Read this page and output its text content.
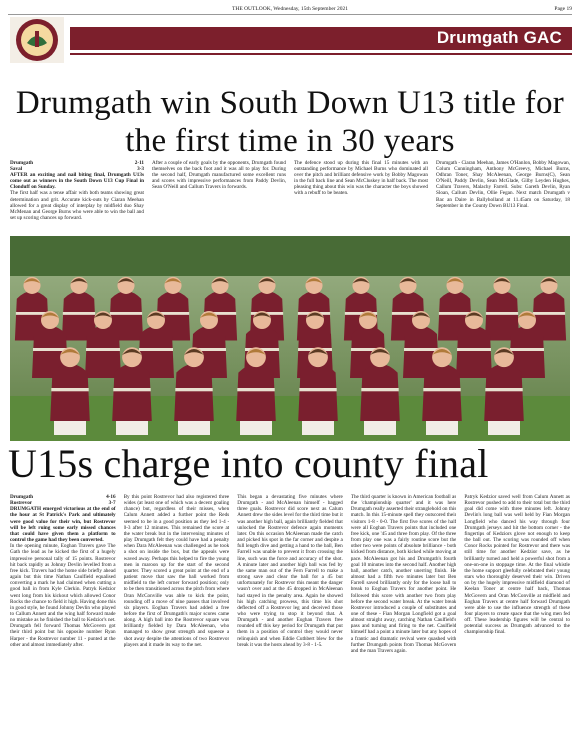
THE OUTLOOK, Wednesday, 15th September 2021	Page 19
Drumgath GAC
Drumgath win South Down U13 title for the first time in 30 years
Drumgath	2-11
Saval	3-3

AFTER an exciting and nail biting final, Drumgath U13s come out as winners in the South Down U13 Cup Final in Clonduff on Sunday.

The first half was a tense affair with both teams showing great determination and grit. Accurate kick-outs by Ciaran Meehan allowed for a great display of interplay by midfield duo Shay McMenan and George Burns who were able to win the ball and set up scoring chances up forward.

After a couple of early goals by the opponents, Drumgath found themselves on the back foot and it was all to play for. During the second half, Drumgath manufactured some excellent runs and scores with impressive performances from Paddy Devlin, Sean O'Neill and Callum Travers in forwards.

The defence stood up during this final 15 minutes with an outstanding performance by Michael Burns who dominated all over the pitch and brilliant defensive work by Bobby Magowan in the full back line and Sean McCluskey in half back. The most pleasing thing about this win was the character the boys showed with a rebuff to be beaten.

Drumgath - Ciaran Meehan, James O'Hanlon, Bobby Magowan, Colum Cunningham, Anthony McGreevy, Michael Burns, Odhran Toner, Shay McAleenan, George Burns(C), Sean O'Neill, Paddy Devlin, Sean McGlade, Gilby Leyden Hughes, Callum Travers, Malachy Farrell. Subs: Gareth Devlin, Ryan Sloan, Callum Devlin, Ollie Fegan. Next match Drumgath v Bac an Daire in Ballyholland at 11.45am on Saturday, 18 September in the County Down BU13 Final.

U15s charge into county final
Drumgath	4-16
Rostrevor	3-7

DRUMGATH emerged victorious at the end of the hour at St Patrick's Park and ultimately were good value for their win, but Rostrevor will be left ruing some early missed chances that could have given them a platform to control the game had they been converted.

In the opening minute, Eoghan Travers gave The Gath the lead as he kicked the first of a hugely impressive personal tally of 15 points. Rostrevor hit back rapidly as Johnny Devlin levelled from a free kick. Travers had the home side briefly ahead again but this time Nathan Caulfield equalised converting a mark he had claimed when cutting a good ball in from Kyle Clerkin. Patryk Kedzior went long from his kickout which allowed Conor Rocks the chance to field it high. Having done this in good style, he found Johnny Devlin who played to Callum Annett and the wing half forward made no mistake as he finished the ball to Kedzior's net. Drumgath fell forward Thomas McGovern got their third point but his opposite number Ryan Harper - the Rostrevor number 11 - punted at the other and almost immediately after.

By this point Rostrevor had also registered three wides (at least one of which was a decent goaling chance) but, regardless of their misses, when Calum Annett added a further point the Reds seemed to be in a good position as they led 1-4 - 0-3 after 12 minutes. This remained the score at the water break but in the intervening minutes of play Drumgath felt they could have had a penalty when Dara McAleenan was challenged as he took a shot on inside the box, but the appeals were waved away. Perhaps this helped to fire the young men in maroon up for the start of the second quarter. They scored a great point at the end of a patient move that saw the ball worked from midfield to the left corner forward position; only to be then transitioned across the pitch from where Oran McConville was able to kick the point, rounding off a move of nine passes that involved six players. Eoghan Travers had added a free before the first of Drumgath's major scores came along. A high ball into the Rostrevor square was brilliantly fielded by Dara McAleenan, who managed to show great strength and squeeze a shot away despite the attentions of two Rostrevor players and it made its way to the net.

This began a devastating five minutes where Drumgath - and McAleenan himself - bagged three goals. Rostrevor did score next as Calum Annett drew the sides level for the third time but it was another high ball, again brilliantly fielded that unlocked the Rostrevor defence again moments later. On this occasion McAleenan made the catch and picked his spot in the far corner and despite a full length dive and getting a hand to the ball, Ben Farrell was unable to prevent it from crossing the line, such was the force and accuracy of the shot. A minute later and another high ball was fed by the same man out of the Fern Farrell to make a strong save and clear the ball for a 45 but unfortunately for Rostrevor this meant the danger wasn't over and at the 45 dropped in McAleenan had stayed in the penalty area. Again he showed his high catching prowess, this time his shot deflected off a Rostrevor leg and deceived those who were trying to stop it beyond that. A Drumgath - and another Eoghan Travers free rounded off this key period for Drumgath that put them in a position of control they would never relinquish and when Eddie Cuthbert blew for the break it was the hosts ahead by 3-8 - 1-5.

The third quarter is known in American football as the 'championship quarter' and it was here Drumgath really asserted their stranglehold on this match. In this 15-minute spell they outscored their visitors 1-8 - 0-0. The first five scores of the half were all Eoghan Travers points that included one free kick, one '45 and three from play. Of the three from play one was a fairly routine score but the other two were points of absolute brilliance - both kicked from distance, both kicked while moving at pace. McAleenan got his and Drumgath's fourth goal 10 minutes into the second half. Another high ball, another catch, another unerring finish. He almost had a fifth two minutes later but Ben Farrell saved brilliantly only for the loose ball to break to Eoghan Travers for another point. He followed this score with another two from play before the second water break. At the water break Rostrevor introduced a couple of substitutes and one of these - Fian Morgan Longfield got a goal almost straight away, catching Nathan Caulfield's pass and turning and firing to the net. Caulfield himself had a point a minute later but any hopes of a frantic and dramatic revival were quashed with further Drumgath points from Thomas McGovern and the man Travers again.

Patryk Kedzior saved well from Calum Annett as Rostrevor pushed to add to their total but the third goal did come with three minutes left. Johnny Devlin's long ball was well held by Fian Morgan Longfield who danced his way through four Drumgath jerseys and hit the bottom corner - the fingertips of Kedziors glove not enough to keep the ball out. The scoring was rounded off when Conor Rocks pointed for Rostrevor and there was still time for another Kedzior save, as he brilliantly turned and held a powerful shot from a one-on-one in stoppage time. At the final whistle the home support gleefully celebrated their young stars who thoroughly deserved their win. Driven on by the hugely impressive midfield diamond of Keelan Toner at centre half back, Thomas McGovern and Oran McConville at midfield and Eoghan Travers at centre half forward Drumgath were able to use the influence strength of these four players to create space that the wing men fed off. These leadership figures will be central to potential success as Drumgath advanced to the championship final.
